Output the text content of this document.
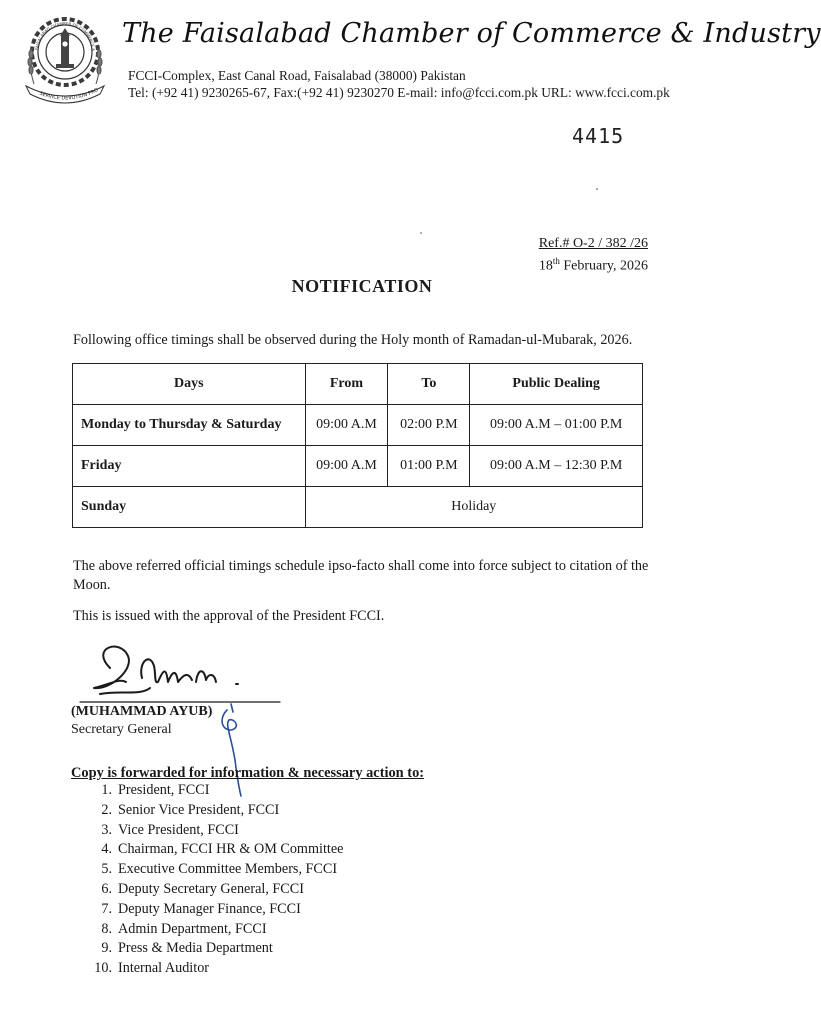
SERVICE DEVOTION PRO
FAISALABAD CHAMBER OF COMMERCE &
The Faisalabad Chamber of Commerce & Industry
FCCI-Complex, East Canal Road, Faisalabad (38000) Pakistan
Tel: (+92 41) 9230265-67, Fax:(+92 41) 9230270 E-mail: info@fcci.com.pk URL: www.fcci.com.pk
4415
Ref.# O-2 / 382 /26
18th February, 2026
NOTIFICATION
Following office timings shall be observed during the Holy month of Ramadan-ul-Mubarak, 2026.
Days	From	To	Public Dealing
Monday to Thursday & Saturday	09:00 A.M	02:00 P.M	09:00 A.M – 01:00 P.M
Friday	09:00 A.M	01:00 P.M	09:00 A.M – 12:30 P.M
Sunday	Holiday		
The above referred official timings schedule ipso-facto shall come into force subject to citation of the Moon.
This is issued with the approval of the President FCCI.
(MUHAMMAD AYUB)
Secretary General
Copy is forwarded for information & necessary action to:
1. President, FCCI
2. Senior Vice President, FCCI
3. Vice President, FCCI
4. Chairman, FCCI HR & OM Committee
5. Executive Committee Members, FCCI
6. Deputy Secretary General, FCCI
7. Deputy Manager Finance, FCCI
8. Admin Department, FCCI
9. Press & Media Department
10. Internal Auditor
